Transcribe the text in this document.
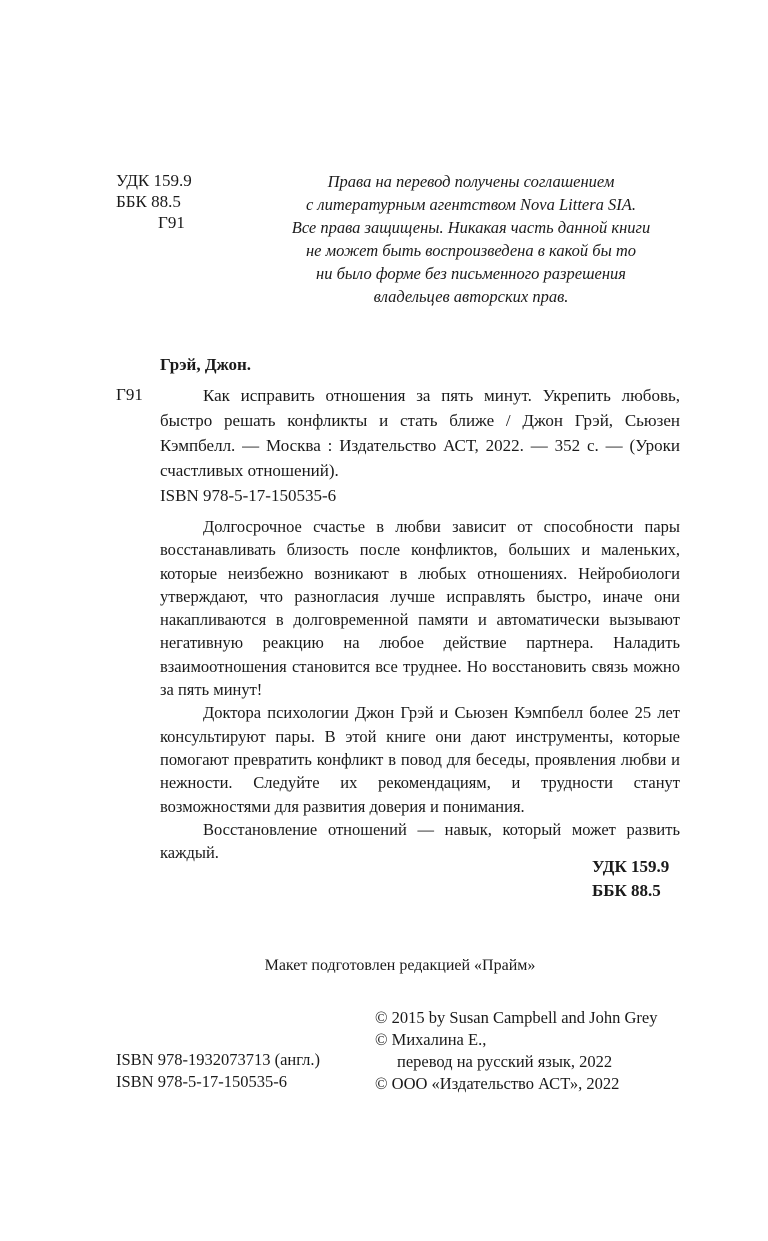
УДК 159.9
ББК 88.5
Г91
Права на перевод получены соглашением
с литературным агентством Nova Littera SIA.
Все права защищены. Никакая часть данной книги
не может быть воспроизведена в какой бы то
ни было форме без письменного разрешения
владельцев авторских прав.
Грэй, Джон.
Г91	Как исправить отношения за пять минут. Укрепить любовь, быстро решать конфликты и стать ближе / Джон Грэй, Сьюзен Кэмпбелл. — Москва : Издательство АСТ, 2022. — 352 с. — (Уроки счастливых отношений).
ISBN 978-5-17-150535-6

Долгосрочное счастье в любви зависит от способности пары восстанавливать близость после конфликтов, больших и маленьких, которые неизбежно возникают в любых отношениях. Нейробиологи утверждают, что разногласия лучше исправлять быстро, иначе они накапливаются в долговременной памяти и автоматически вызывают негативную реакцию на любое действие партнера. Наладить взаимоотношения становится все труднее. Но восстановить связь можно за пять минут!

Доктора психологии Джон Грэй и Сьюзен Кэмпбелл более 25 лет консультируют пары. В этой книге они дают инструменты, которые помогают превратить конфликт в повод для беседы, проявления любви и нежности. Следуйте их рекомендациям, и трудности станут возможностями для развития доверия и понимания.

Восстановление отношений — навык, который может развить каждый.

УДК 159.9
ББК 88.5
Макет подготовлен редакцией «Прайм»
© 2015 by Susan Campbell and John Grey
© Михалина Е.,
перевод на русский язык, 2022
© ООО «Издательство АСТ», 2022
ISBN 978-1932073713 (англ.)
ISBN 978-5-17-150535-6
